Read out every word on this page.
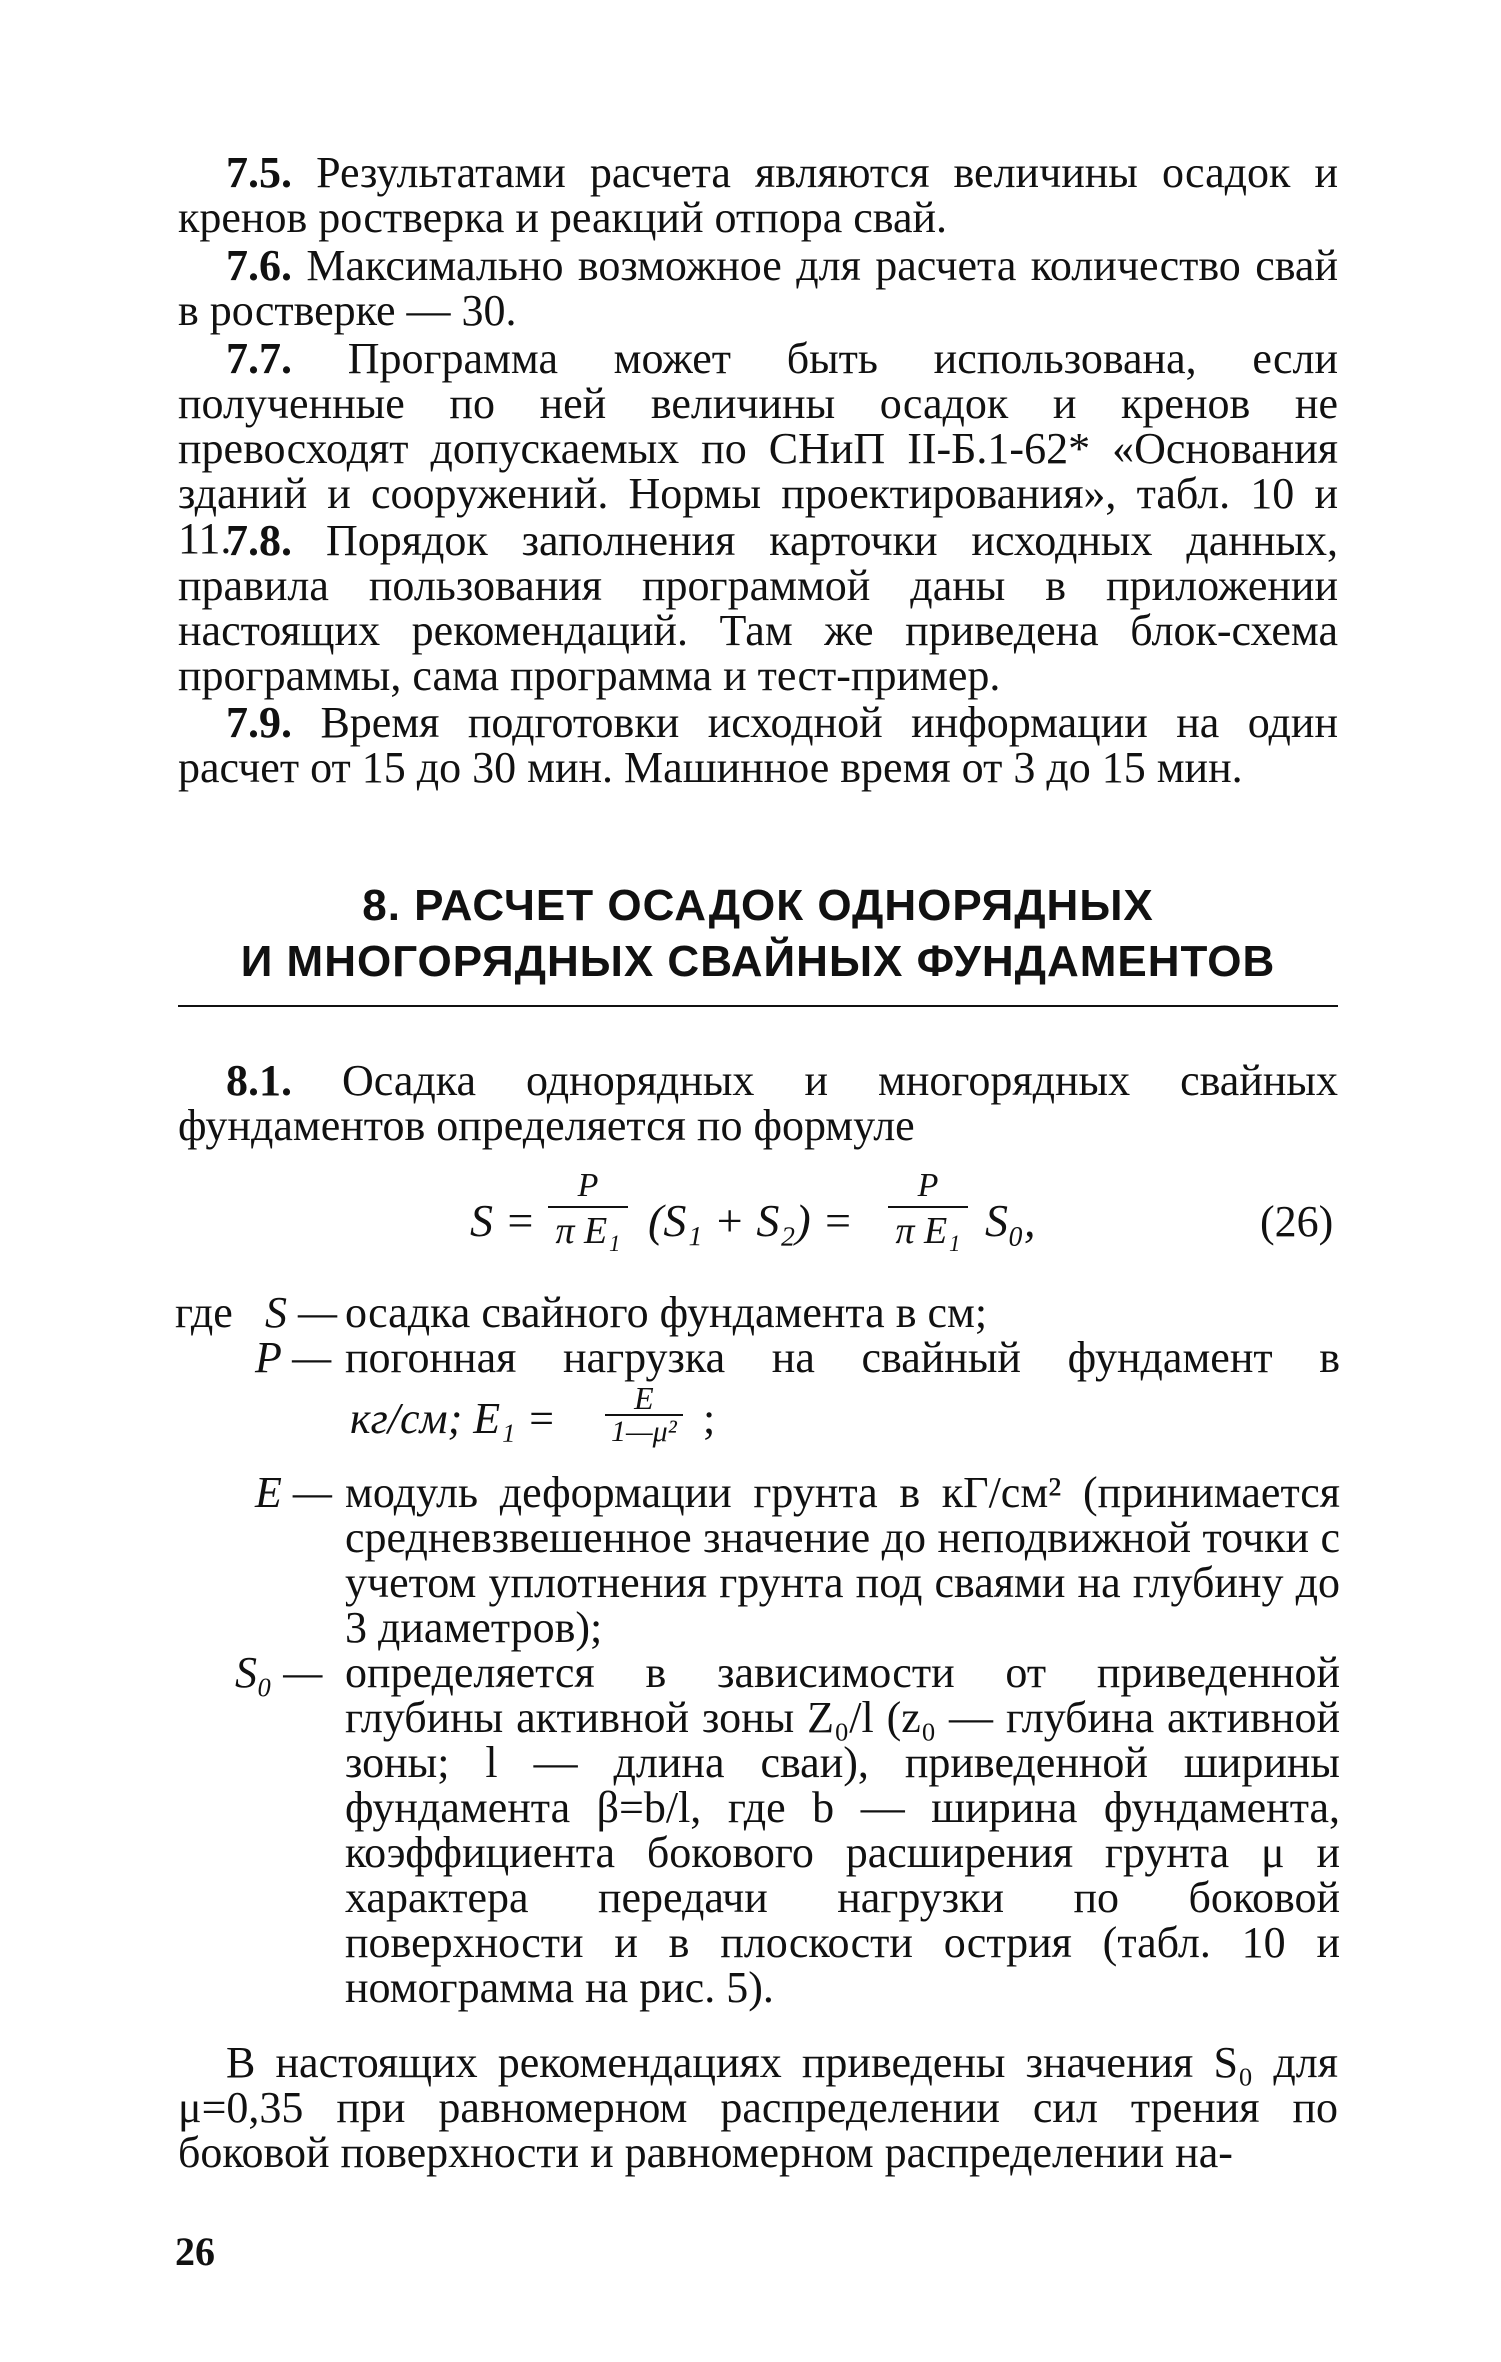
7.5. Результатами расчета являются величины осадок и кренов ростверка и реакций отпора свай.

7.6. Максимально возможное для расчета количество свай в ростверке — 30.

7.7. Программа может быть использована, если полученные по ней величины осадок и кренов не превосходят допускаемых по СНиП II-Б.1-62* «Основания зданий и сооружений. Нормы проектирования», табл. 10 и 11.

7.8. Порядок заполнения карточки исходных данных, правила пользования программой даны в приложении настоящих рекомендаций. Там же приведена блок-схема программы, сама программа и тест-пример.

7.9. Время подготовки исходной информации на один расчет от 15 до 30 мин. Машинное время от 3 до 15 мин.

8. РАСЧЕТ ОСАДОК ОДНОРЯДНЫХ
И МНОГОРЯДНЫХ СВАЙНЫХ ФУНДАМЕНТОВ

8.1. Осадка однорядных и многорядных свайных фундаментов определяется по формуле

S =
P
π E₁ (S₁ + S₂) =
P
π E₁ S₀,	(26)
где S — осадка свайного фундамента в см;
P — погонная нагрузка на свайный фундамент в
кг/см; $E_1 = \frac{E}{\text{1—μ²}}$ ;
E — модуль деформации грунта в кГ/см² (принимается средневзвешенное значение до неподвижной точки с учетом уплотнения грунта под сваями на глубину до 3 диаметров);
S₀ — определяется в зависимости от приведенной глубины активной зоны Z₀/l (z₀ — глубина активной зоны; l — длина сваи), приведенной ширины фундамента β=b/l, где b — ширина фундамента, коэффициента бокового расширения грунта μ и характера передачи нагрузки по боковой поверхности и в плоскости острия (табл. 10 и номограмма на рис. 5).

В настоящих рекомендациях приведены значения S₀ для μ=0,35 при равномерном распределении сил трения по боковой поверхности и равномерном распределении на-

26
